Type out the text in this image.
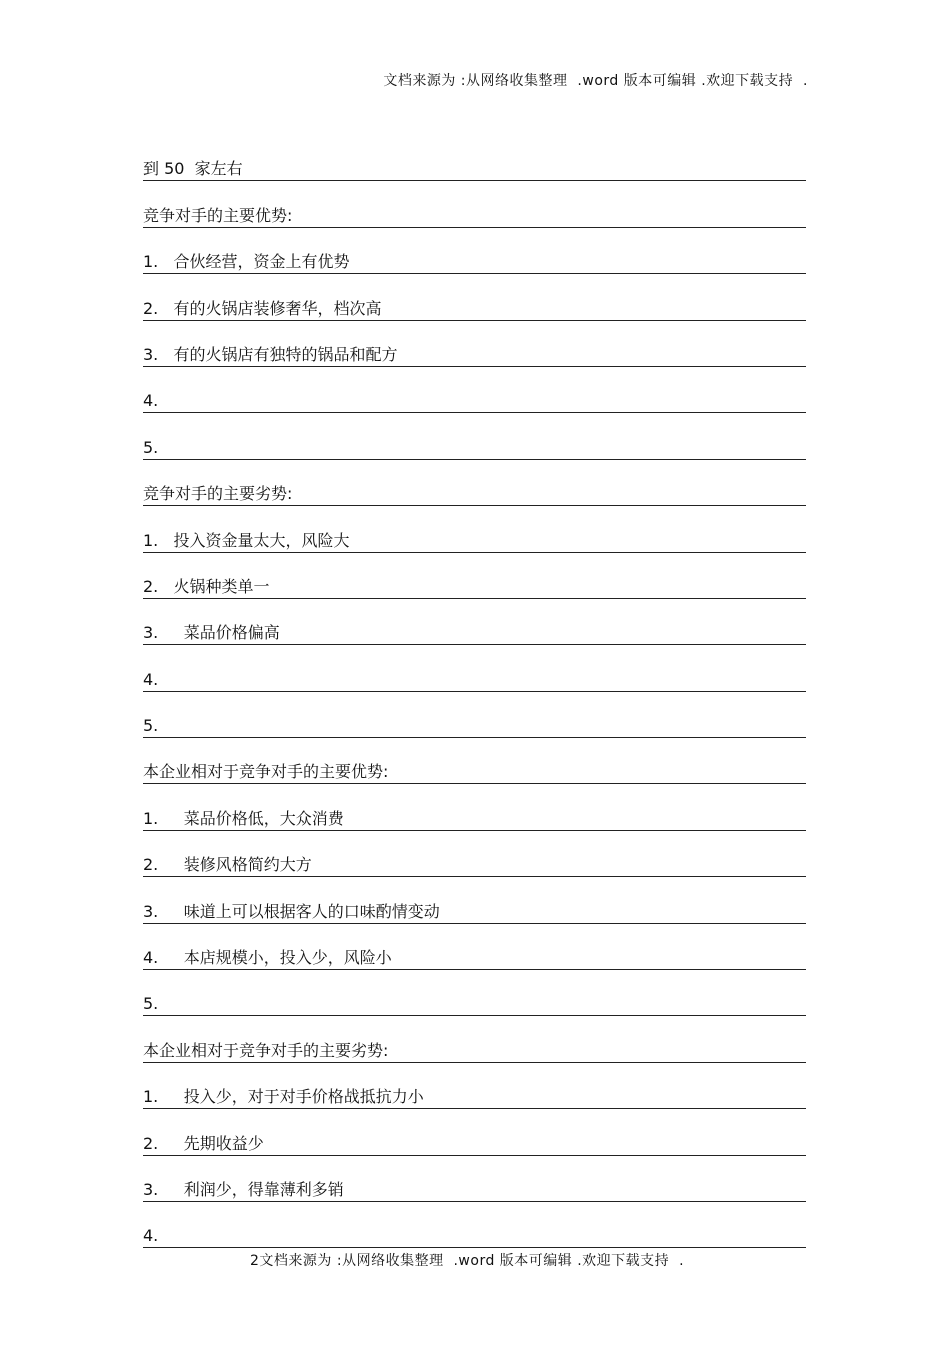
文档来源为 :从网络收集整理  .word 版本可编辑 .欢迎下载支持  .
到 50  家左右
竞争对手的主要优势:
1.   合伙经营，资金上有优势
2.   有的火锅店装修奢华，档次高
3.   有的火锅店有独特的锅品和配方
4.
5.
竞争对手的主要劣势:
1.   投入资金量太大，风险大
2.   火锅种类单一
3.     菜品价格偏高
4.
5.
本企业相对于竞争对手的主要优势:
1.     菜品价格低，大众消费
2.     装修风格简约大方
3.     味道上可以根据客人的口味酌情变动
4.     本店规模小，投入少，风险小
5.
本企业相对于竞争对手的主要劣势:
1.     投入少，对于对手价格战抵抗力小
2.     先期收益少
3.     利润少，得靠薄利多销
4.
2文档来源为 :从网络收集整理  .word 版本可编辑 .欢迎下载支持  .
